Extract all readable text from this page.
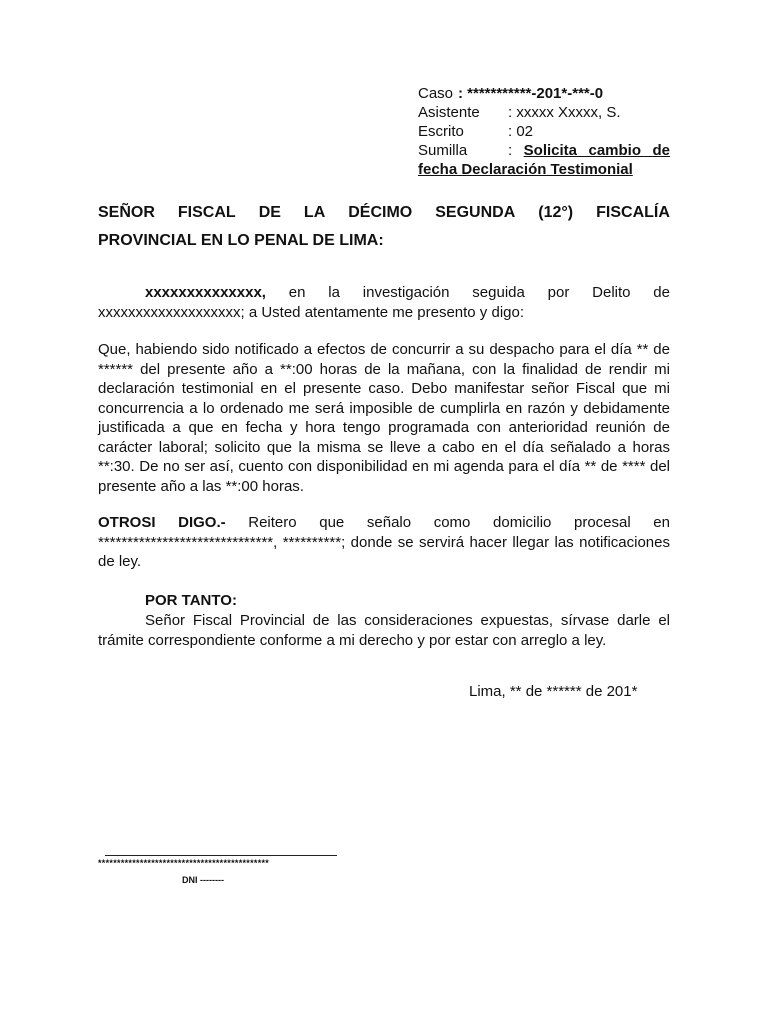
Caso : ***********-201*-***-0
Asistente : xxxxx Xxxxx, S.
Escrito	: 02
Sumilla	: Solicita cambio de fecha Declaración Testimonial
SEÑOR FISCAL DE LA DÉCIMO SEGUNDA (12°) FISCALÍA
PROVINCIAL EN LO PENAL DE LIMA:
xxxxxxxxxxxxxx, en la investigación seguida por Delito de xxxxxxxxxxxxxxxxxxx; a Usted atentamente me presento y digo:
Que, habiendo sido notificado a efectos de concurrir a su despacho para el día ** de ****** del presente año a **:00 horas de la mañana, con la finalidad de rendir mi declaración testimonial en el presente caso. Debo manifestar señor Fiscal que mi concurrencia a lo ordenado me será imposible de cumplirla en razón y debidamente justificada a que en fecha y hora tengo programada con anterioridad reunión de carácter laboral; solicito que la misma se lleve a cabo en el día señalado a horas **:30. De no ser así, cuento con disponibilidad en mi agenda para el día ** de **** del presente año a las **:00 horas.
OTROSI DIGO.- Reitero que señalo como domicilio procesal en ******************************, **********; donde se servirá hacer llegar las notificaciones de ley.
POR TANTO:
Señor Fiscal Provincial de las consideraciones expuestas, sírvase darle el trámite correspondiente conforme a mi derecho y por estar con arreglo a ley.
Lima, ** de ****** de 201*
*********************************************
DNI --------
